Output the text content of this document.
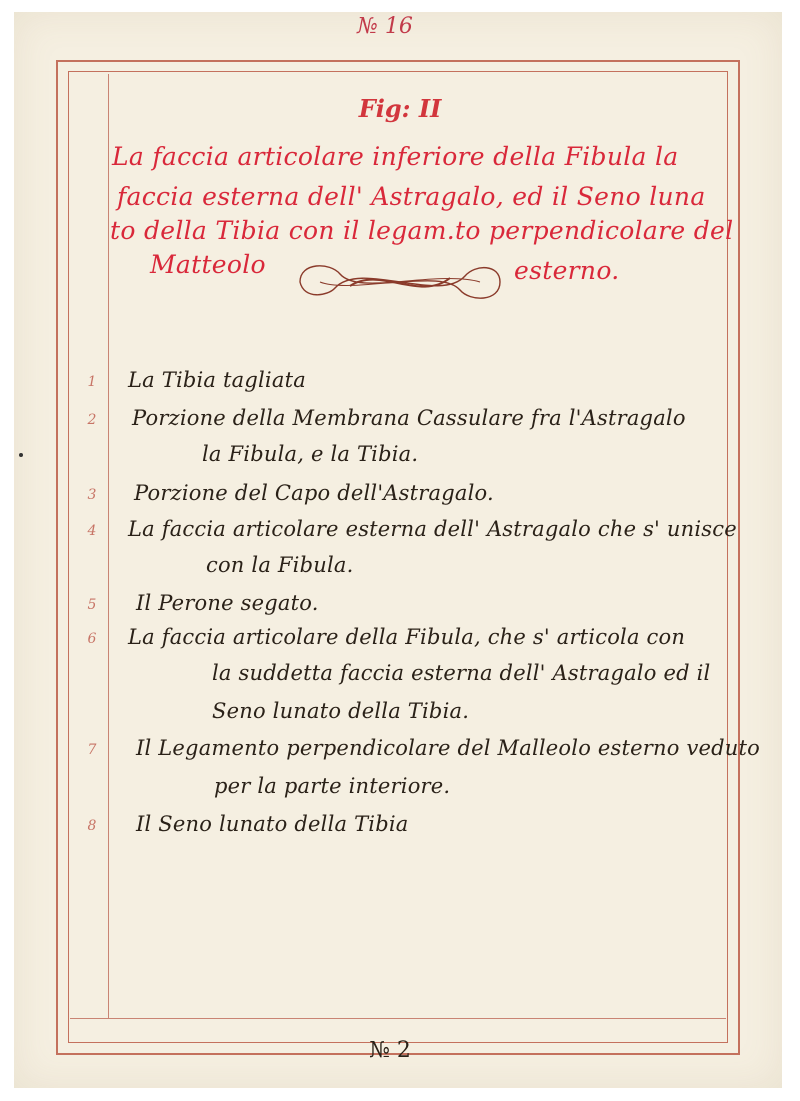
№ 16
Fig: II
La faccia articolare inferiore della Fibula la
faccia esterna dell' Astragalo, ed il Seno luna
to della Tibia con il legam.to perpendicolare del
Matteolo	esterno.
1	La Tibia tagliata
2	Porzione della Membrana Cassulare fra l'Astragalo
la Fibula, e la Tibia.
3	Porzione del Capo dell'Astragalo.
4	La faccia articolare esterna dell' Astragalo che s' unisce
con la Fibula.
5	Il Perone segato.
6	La faccia articolare della Fibula, che s' articola con
la suddetta faccia esterna dell' Astragalo ed il
Seno lunato della Tibia.
7	Il Legamento perpendicolare del Malleolo esterno veduto
per la parte interiore.
8	Il Seno lunato della Tibia
№ 2
